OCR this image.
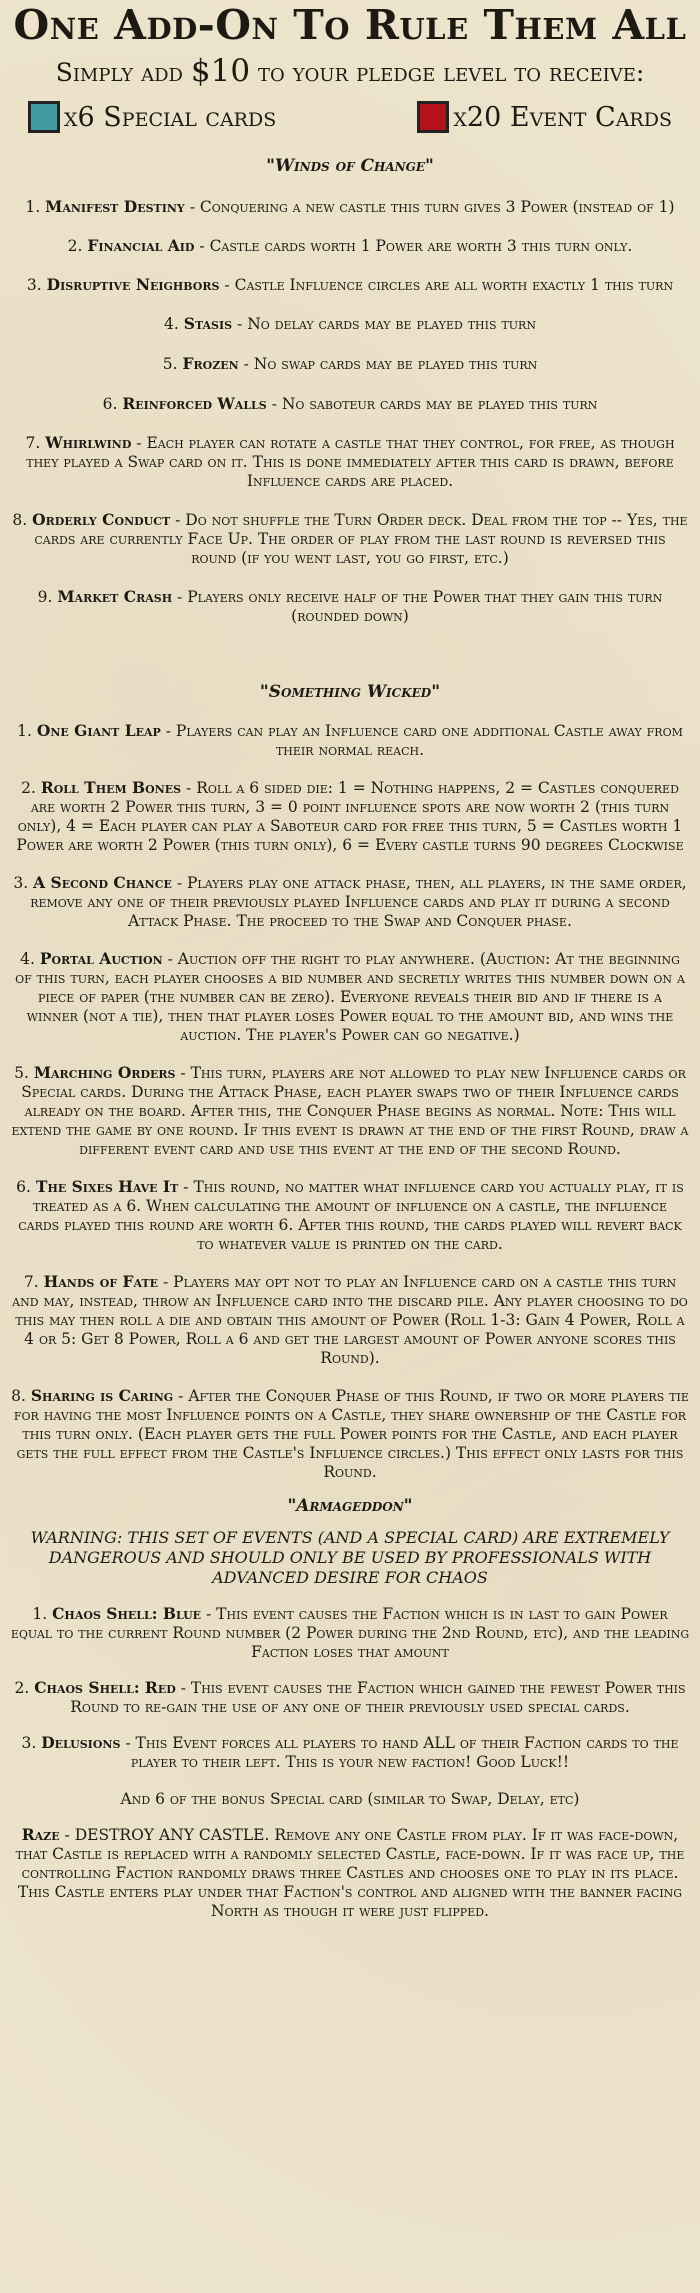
One Add-On To Rule Them All
Simply add $10 to your pledge level to receive:
x6 Special cards	x20 Event Cards
"Winds of Change"

1. Manifest Destiny - Conquering a new castle this turn gives 3 Power (instead of 1)

2. Financial Aid - Castle cards worth 1 Power are worth 3 this turn only.

3. Disruptive Neighbors - Castle Influence circles are all worth exactly 1 this turn

4. Stasis - No delay cards may be played this turn

5. Frozen - No swap cards may be played this turn

6. Reinforced Walls - No saboteur cards may be played this turn

7. Whirlwind - Each player can rotate a castle that they control, for free, as though they played a Swap card on it. This is done immediately after this card is drawn, before Influence cards are placed.

8. Orderly Conduct - Do not shuffle the Turn Order deck. Deal from the top -- Yes, the cards are currently Face Up. The order of play from the last round is reversed this round (if you went last, you go first, etc.)

9. Market Crash - Players only receive half of the Power that they gain this turn (rounded down)

"Something Wicked"

1. One Giant Leap - Players can play an Influence card one additional Castle away from their normal reach.

2. Roll Them Bones - Roll a 6 sided die: 1 = Nothing happens, 2 = Castles conquered are worth 2 Power this turn, 3 = 0 point influence spots are now worth 2 (this turn only), 4 = Each player can play a Saboteur card for free this turn, 5 = Castles worth 1 Power are worth 2 Power (this turn only), 6 = Every castle turns 90 degrees Clockwise

3. A Second Chance - Players play one attack phase, then, all players, in the same order, remove any one of their previously played Influence cards and play it during a second Attack Phase. The proceed to the Swap and Conquer phase.

4. Portal Auction - Auction off the right to play anywhere. (Auction: At the beginning of this turn, each player chooses a bid number and secretly writes this number down on a piece of paper (the number can be zero). Everyone reveals their bid and if there is a winner (not a tie), then that player loses Power equal to the amount bid, and wins the auction. The player's Power can go negative.)

5. Marching Orders - This turn, players are not allowed to play new Influence cards or Special cards. During the Attack Phase, each player swaps two of their Influence cards already on the board. After this, the Conquer Phase begins as normal. Note: This will extend the game by one round. If this event is drawn at the end of the first Round, draw a different event card and use this event at the end of the second Round.

6. The Sixes Have It - This round, no matter what influence card you actually play, it is treated as a 6. When calculating the amount of influence on a castle, the influence cards played this round are worth 6. After this round, the cards played will revert back to whatever value is printed on the card.

7. Hands of Fate - Players may opt not to play an Influence card on a castle this turn and may, instead, throw an Influence card into the discard pile. Any player choosing to do this may then roll a die and obtain this amount of Power (Roll 1-3: Gain 4 Power, Roll a 4 or 5: Get 8 Power, Roll a 6 and get the largest amount of Power anyone scores this Round).

8. Sharing is Caring - After the Conquer Phase of this Round, if two or more players tie for having the most Influence points on a Castle, they share ownership of the Castle for this turn only. (Each player gets the full Power points for the Castle, and each player gets the full effect from the Castle's Influence circles.) This effect only lasts for this Round.

"Armageddon"

WARNING: THIS SET OF EVENTS (AND A SPECIAL CARD) ARE EXTREMELY DANGEROUS AND SHOULD ONLY BE USED BY PROFESSIONALS WITH ADVANCED DESIRE FOR CHAOS

1. Chaos Shell: Blue - This event causes the Faction which is in last to gain Power equal to the current Round number (2 Power during the 2nd Round, etc), and the leading Faction loses that amount

2. Chaos Shell: Red - This event causes the Faction which gained the fewest Power this Round to re-gain the use of any one of their previously used special cards.

3. Delusions - This Event forces all players to hand ALL of their Faction cards to the player to their left. This is your new faction! Good Luck!!

And 6 of the bonus Special card (similar to Swap, Delay, etc)

Raze - DESTROY ANY CASTLE. Remove any one Castle from play. If it was face-down, that Castle is replaced with a randomly selected Castle, face-down. If it was face up, the controlling Faction randomly draws three Castles and chooses one to play in its place. This Castle enters play under that Faction's control and aligned with the banner facing North as though it were just flipped.
